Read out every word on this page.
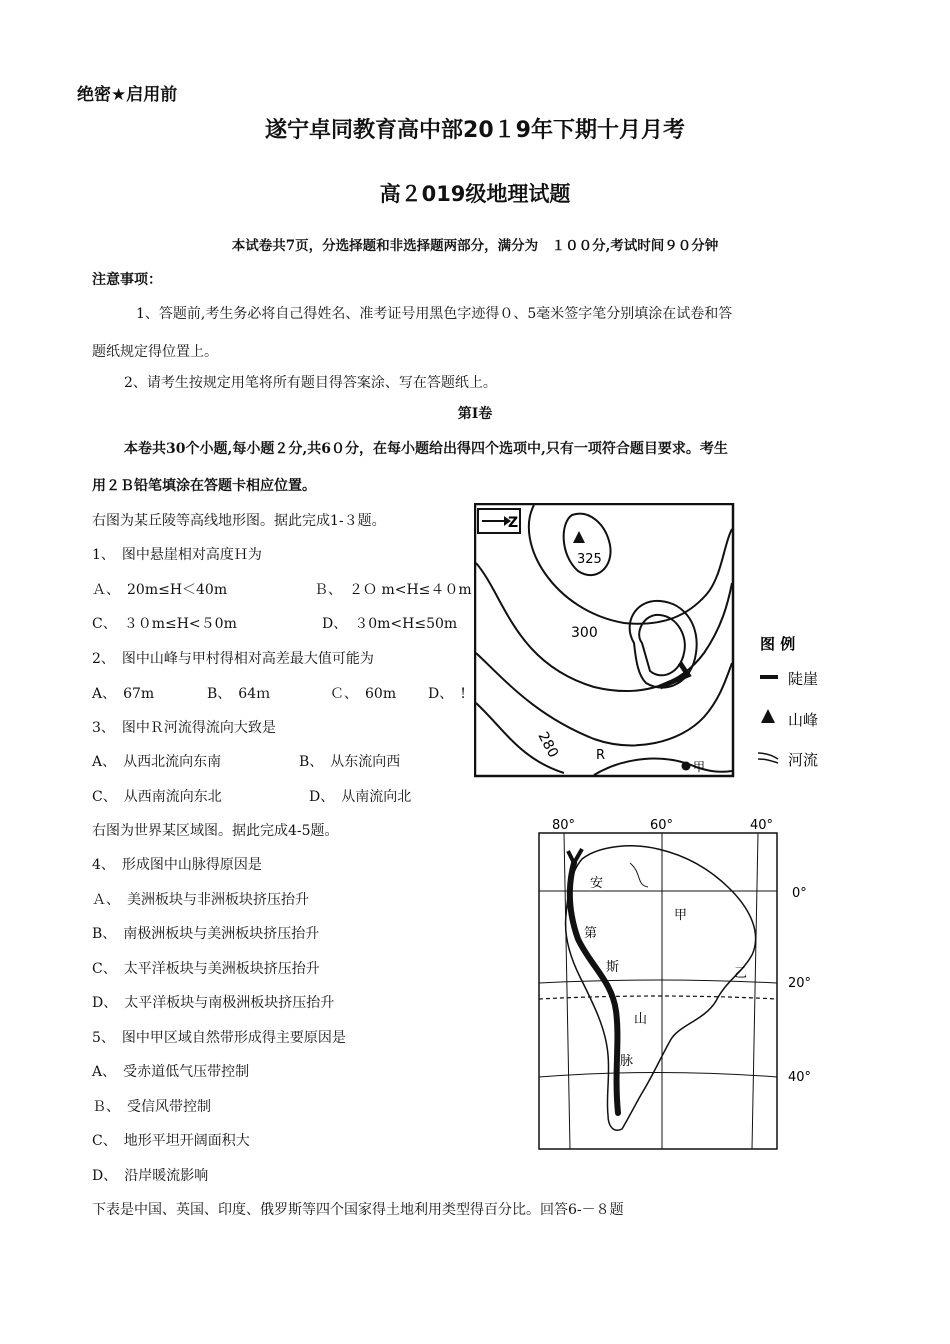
绝密★启用前
遂宁卓同教育高中部20１9年下期十月月考
高２019级地理试题
本试卷共7页，分选择题和非选择题两部分，满分为　１００分,考试时间９０分钟
注意事项：
1、答题前,考生务必将自己得姓名、准考证号用黑色字迹得０、5毫米签字笔分别填涂在试卷和答
题纸规定得位置上。
2、请考生按规定用笔将所有题目得答案涂、写在答题纸上。
第Ⅰ卷
本卷共30个小题,每小题２分,共6０分，在每小题给出得四个选项中,只有一项符合题目要求。考生
用２Ｂ铅笔填涂在答题卡相应位置。
右图为某丘陵等高线地形图。据此完成1-３题。
1、　图中悬崖相对高度Ｈ为
Ａ、　20m≤H＜40m	Ｂ、　２Ｏ m<H≤４０m
C、　３０m≤H<５0m	D、　３0m<H≤50m
2、　图中山峰与甲村得相对高差最大值可能为
A、　67m	B、　64ｍ	Ｃ、　60m D、　!
3、　图中Ｒ河流得流向大致是
A、　从西北流向东南	B、　从东流向西
C、　从西南流向东北	D、　从南流向北
右图为世界某区域图。据此完成4-5题。
4、　形成图中山脉得原因是
Ａ、　美洲板块与非洲板块挤压抬升
B、　南极洲板块与美洲板块挤压抬升
C、　太平洋板块与美洲板块挤压抬升
D、　太平洋板块与南极洲板块挤压抬升
5、　图中甲区域自然带形成得主要原因是
A、　受赤道低气压带控制
Ｂ、　受信风带控制
C、　地形平坦开阔面积大
D、　沿岸暖流影响
下表是中国、英国、印度、俄罗斯等四个国家得土地利用类型得百分比。回答6-－８题
Z
325
300
280	R
甲
图 例
陡崖
山峰
河流
80°	60°	40°
0°
20°
40°
安
第
斯
山
脉
甲
乙
